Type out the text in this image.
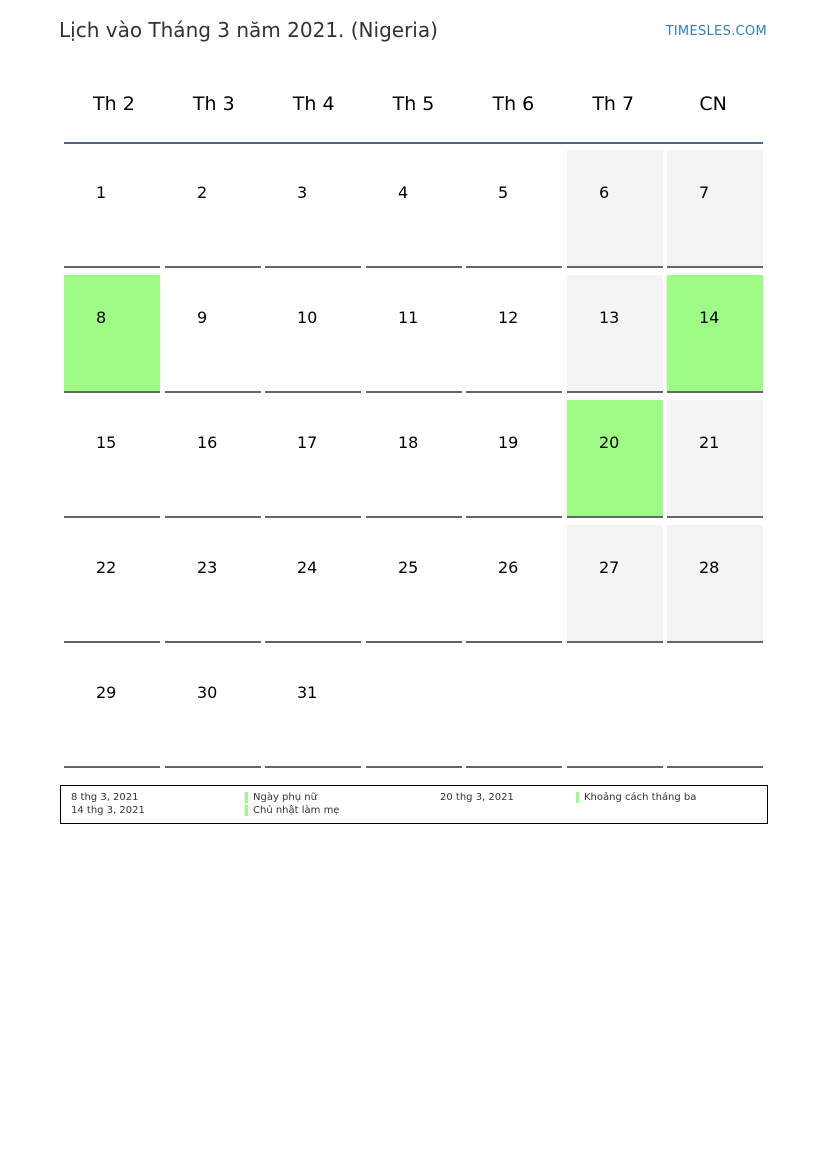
Lịch vào Tháng 3 năm 2021. (Nigeria)	TIMESLES.COM
Th 2	Th 3	Th 4	Th 5	Th 6	Th 7	CN
1	2	3	4	5	6	7
8	9	10	11	12	13	14
15	16	17	18	19	20	21
22	23	24	25	26	27	28
29	30	31
8 thg 3, 2021	Ngày phụ nữ
14 thg 3, 2021	Chủ nhật làm mẹ
20 thg 3, 2021	Khoảng cách tháng ba
